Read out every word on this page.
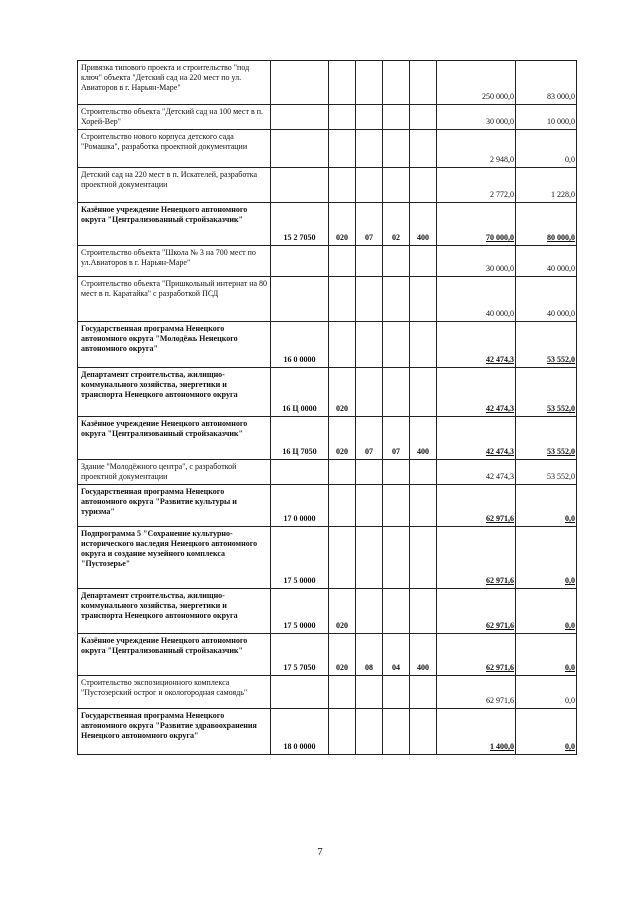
Привязка типового проекта и строительство "под ключ" объекта "Детский сад на 220 мест по ул. Авиаторов в г. Нарьян-Маре"						250 000,0	83 000,0
Строительство объекта "Детский сад на 100 мест в п. Хорей-Вер"						30 000,0	10 000,0
Строительство нового корпуса детского сада "Ромашка", разработка проектной документации						2 948,0	0,0
Детский сад на 220 мест в п. Искателей, разработка проектной документации						2 772,0	1 228,0
Казённое учреждение Ненецкого автономного округа "Централизованный стройзаказчик"	15 2 7050	020	07	02	400	70 000,0	80 000,0
Строительство объекта "Школа № 3 на 700 мест по ул.Авиаторов в г. Нарьян-Маре"						30 000,0	40 000,0
Строительство объекта "Пришкольный интернат на 80 мест в п. Каратайка" с разработкой ПСД						40 000,0	40 000,0
Государственная программа Ненецкого автономного округа "Молодёжь Ненецкого автономного округа"	16 0 0000					42 474,3	53 552,0
Департамент строительства, жилищно-коммунального хозяйства, энергетики и транспорта Ненецкого автономного округа	16 Ц 0000	020				42 474,3	53 552,0
Казённое учреждение Ненецкого автономного округа "Централизованный стройзаказчик"	16 Ц 7050	020	07	07	400	42 474,3	53 552,0
Здание "Молодёжного центра", с разработкой проектной документации						42 474,3	53 552,0
Государственная программа Ненецкого автономного округа "Развитие культуры и туризма"	17 0 0000					62 971,6	0,0
Подпрограмма 5 "Сохранение культурно-исторического наследия Ненецкого автономного округа и создание музейного комплекса "Пустозерье"	17 5 0000					62 971,6	0,0
Департамент строительства, жилищно-коммунального хозяйства, энергетики и транспорта Ненецкого автономного округа	17 5 0000	020				62 971,6	0,0
Казённое учреждение Ненецкого автономного округа "Централизованный стройзаказчик"	17 5 7050	020	08	04	400	62 971,6	0,0
Строительство экспозиционного комплекса "Пустозерский острог и окологородная самоядь"						62 971,6	0,0
Государственная программа Ненецкого автономного округа "Развитие здравоохранения Ненецкого автономного округа"	18 0 0000					1 400,0	0,0
7
